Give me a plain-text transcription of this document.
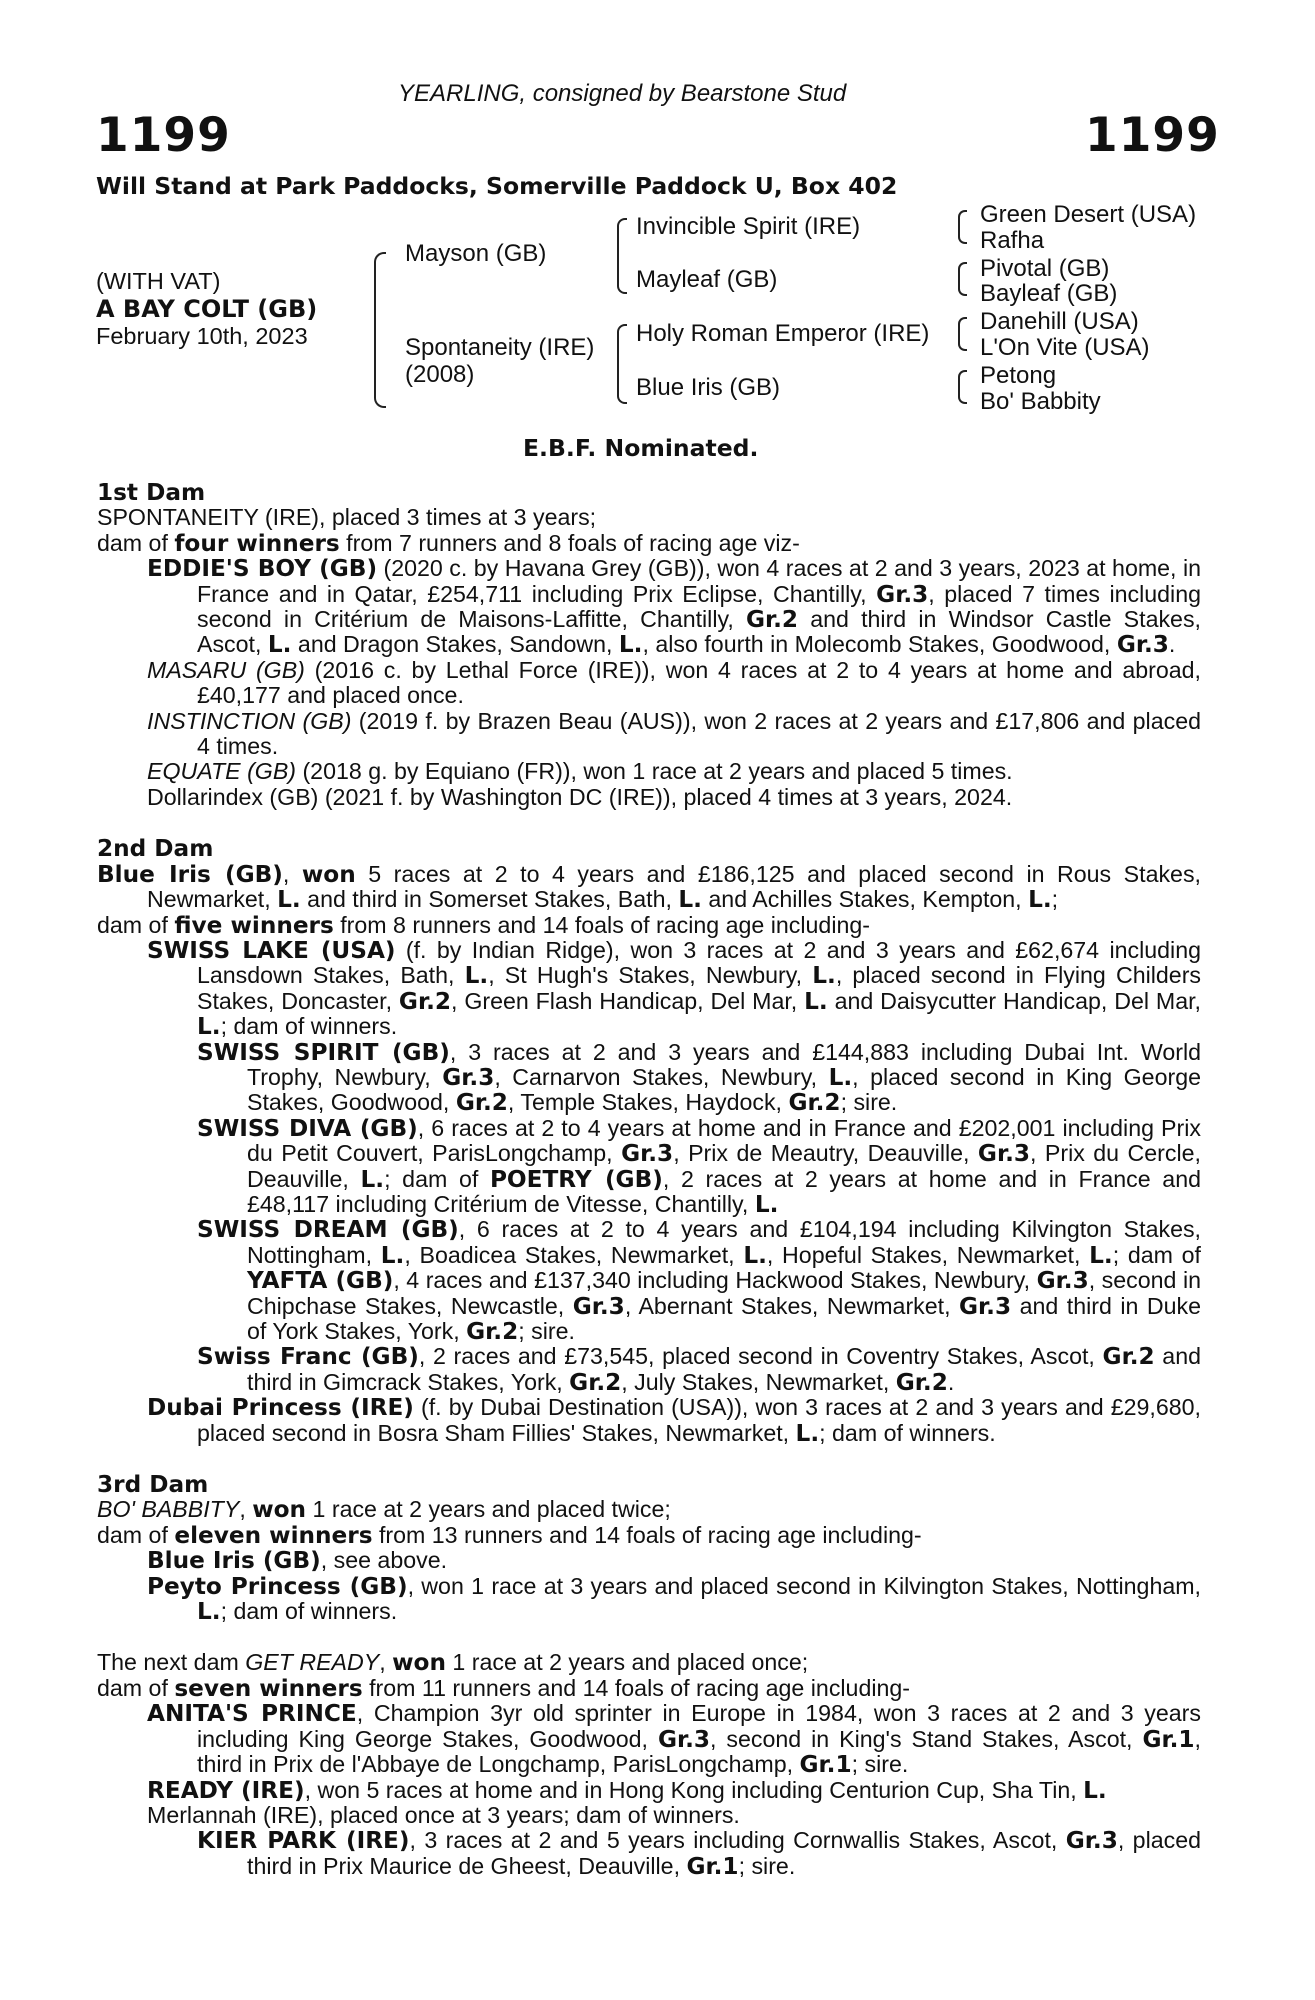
YEARLING, consigned by Bearstone Stud
1199	1199
Will Stand at Park Paddocks, Somerville Paddock U, Box 402
(WITH VAT)
A BAY COLT (GB)
February 10th, 2023
Mayson (GB)
Spontaneity (IRE)
(2008)
Invincible Spirit (IRE)
Mayleaf (GB)
Holy Roman Emperor (IRE)
Blue Iris (GB)
Green Desert (USA)
Rafha
Pivotal (GB)
Bayleaf (GB)
Danehill (USA)
L'On Vite (USA)
Petong
Bo' Babbity
E.B.F. Nominated.
1st Dam
SPONTANEITY (IRE), placed 3 times at 3 years;
dam of four winners from 7 runners and 8 foals of racing age viz-
EDDIE'S BOY (GB) (2020 c. by Havana Grey (GB)), won 4 races at 2 and 3 years, 2023 at home, in France and in Qatar, £254,711 including Prix Eclipse, Chantilly, Gr.3, placed 7 times including second in Critérium de Maisons-Laffitte, Chantilly, Gr.2 and third in Windsor Castle Stakes, Ascot, L. and Dragon Stakes, Sandown, L., also fourth in Molecomb Stakes, Goodwood, Gr.3.
MASARU (GB) (2016 c. by Lethal Force (IRE)), won 4 races at 2 to 4 years at home and abroad, £40,177 and placed once.
INSTINCTION (GB) (2019 f. by Brazen Beau (AUS)), won 2 races at 2 years and £17,806 and placed 4 times.
EQUATE (GB) (2018 g. by Equiano (FR)), won 1 race at 2 years and placed 5 times.
Dollarindex (GB) (2021 f. by Washington DC (IRE)), placed 4 times at 3 years, 2024.
2nd Dam
Blue Iris (GB), won 5 races at 2 to 4 years and £186,125 and placed second in Rous Stakes, Newmarket, L. and third in Somerset Stakes, Bath, L. and Achilles Stakes, Kempton, L.;
dam of five winners from 8 runners and 14 foals of racing age including-
SWISS LAKE (USA) (f. by Indian Ridge), won 3 races at 2 and 3 years and £62,674 including Lansdown Stakes, Bath, L., St Hugh's Stakes, Newbury, L., placed second in Flying Childers Stakes, Doncaster, Gr.2, Green Flash Handicap, Del Mar, L. and Daisycutter Handicap, Del Mar, L.; dam of winners.
SWISS SPIRIT (GB), 3 races at 2 and 3 years and £144,883 including Dubai Int. World Trophy, Newbury, Gr.3, Carnarvon Stakes, Newbury, L., placed second in King George Stakes, Goodwood, Gr.2, Temple Stakes, Haydock, Gr.2; sire.
SWISS DIVA (GB), 6 races at 2 to 4 years at home and in France and £202,001 including Prix du Petit Couvert, ParisLongchamp, Gr.3, Prix de Meautry, Deauville, Gr.3, Prix du Cercle, Deauville, L.; dam of POETRY (GB), 2 races at 2 years at home and in France and £48,117 including Critérium de Vitesse, Chantilly, L.
SWISS DREAM (GB), 6 races at 2 to 4 years and £104,194 including Kilvington Stakes, Nottingham, L., Boadicea Stakes, Newmarket, L., Hopeful Stakes, Newmarket, L.; dam of YAFTA (GB), 4 races and £137,340 including Hackwood Stakes, Newbury, Gr.3, second in Chipchase Stakes, Newcastle, Gr.3, Abernant Stakes, Newmarket, Gr.3 and third in Duke of York Stakes, York, Gr.2; sire.
Swiss Franc (GB), 2 races and £73,545, placed second in Coventry Stakes, Ascot, Gr.2 and third in Gimcrack Stakes, York, Gr.2, July Stakes, Newmarket, Gr.2.
Dubai Princess (IRE) (f. by Dubai Destination (USA)), won 3 races at 2 and 3 years and £29,680, placed second in Bosra Sham Fillies' Stakes, Newmarket, L.; dam of winners.
3rd Dam
BO' BABBITY, won 1 race at 2 years and placed twice;
dam of eleven winners from 13 runners and 14 foals of racing age including-
Blue Iris (GB), see above.
Peyto Princess (GB), won 1 race at 3 years and placed second in Kilvington Stakes, Nottingham, L.; dam of winners.
The next dam GET READY, won 1 race at 2 years and placed once;
dam of seven winners from 11 runners and 14 foals of racing age including-
ANITA'S PRINCE, Champion 3yr old sprinter in Europe in 1984, won 3 races at 2 and 3 years including King George Stakes, Goodwood, Gr.3, second in King's Stand Stakes, Ascot, Gr.1, third in Prix de l'Abbaye de Longchamp, ParisLongchamp, Gr.1; sire.
READY (IRE), won 5 races at home and in Hong Kong including Centurion Cup, Sha Tin, L.
Merlannah (IRE), placed once at 3 years; dam of winners.
KIER PARK (IRE), 3 races at 2 and 5 years including Cornwallis Stakes, Ascot, Gr.3, placed third in Prix Maurice de Gheest, Deauville, Gr.1; sire.
